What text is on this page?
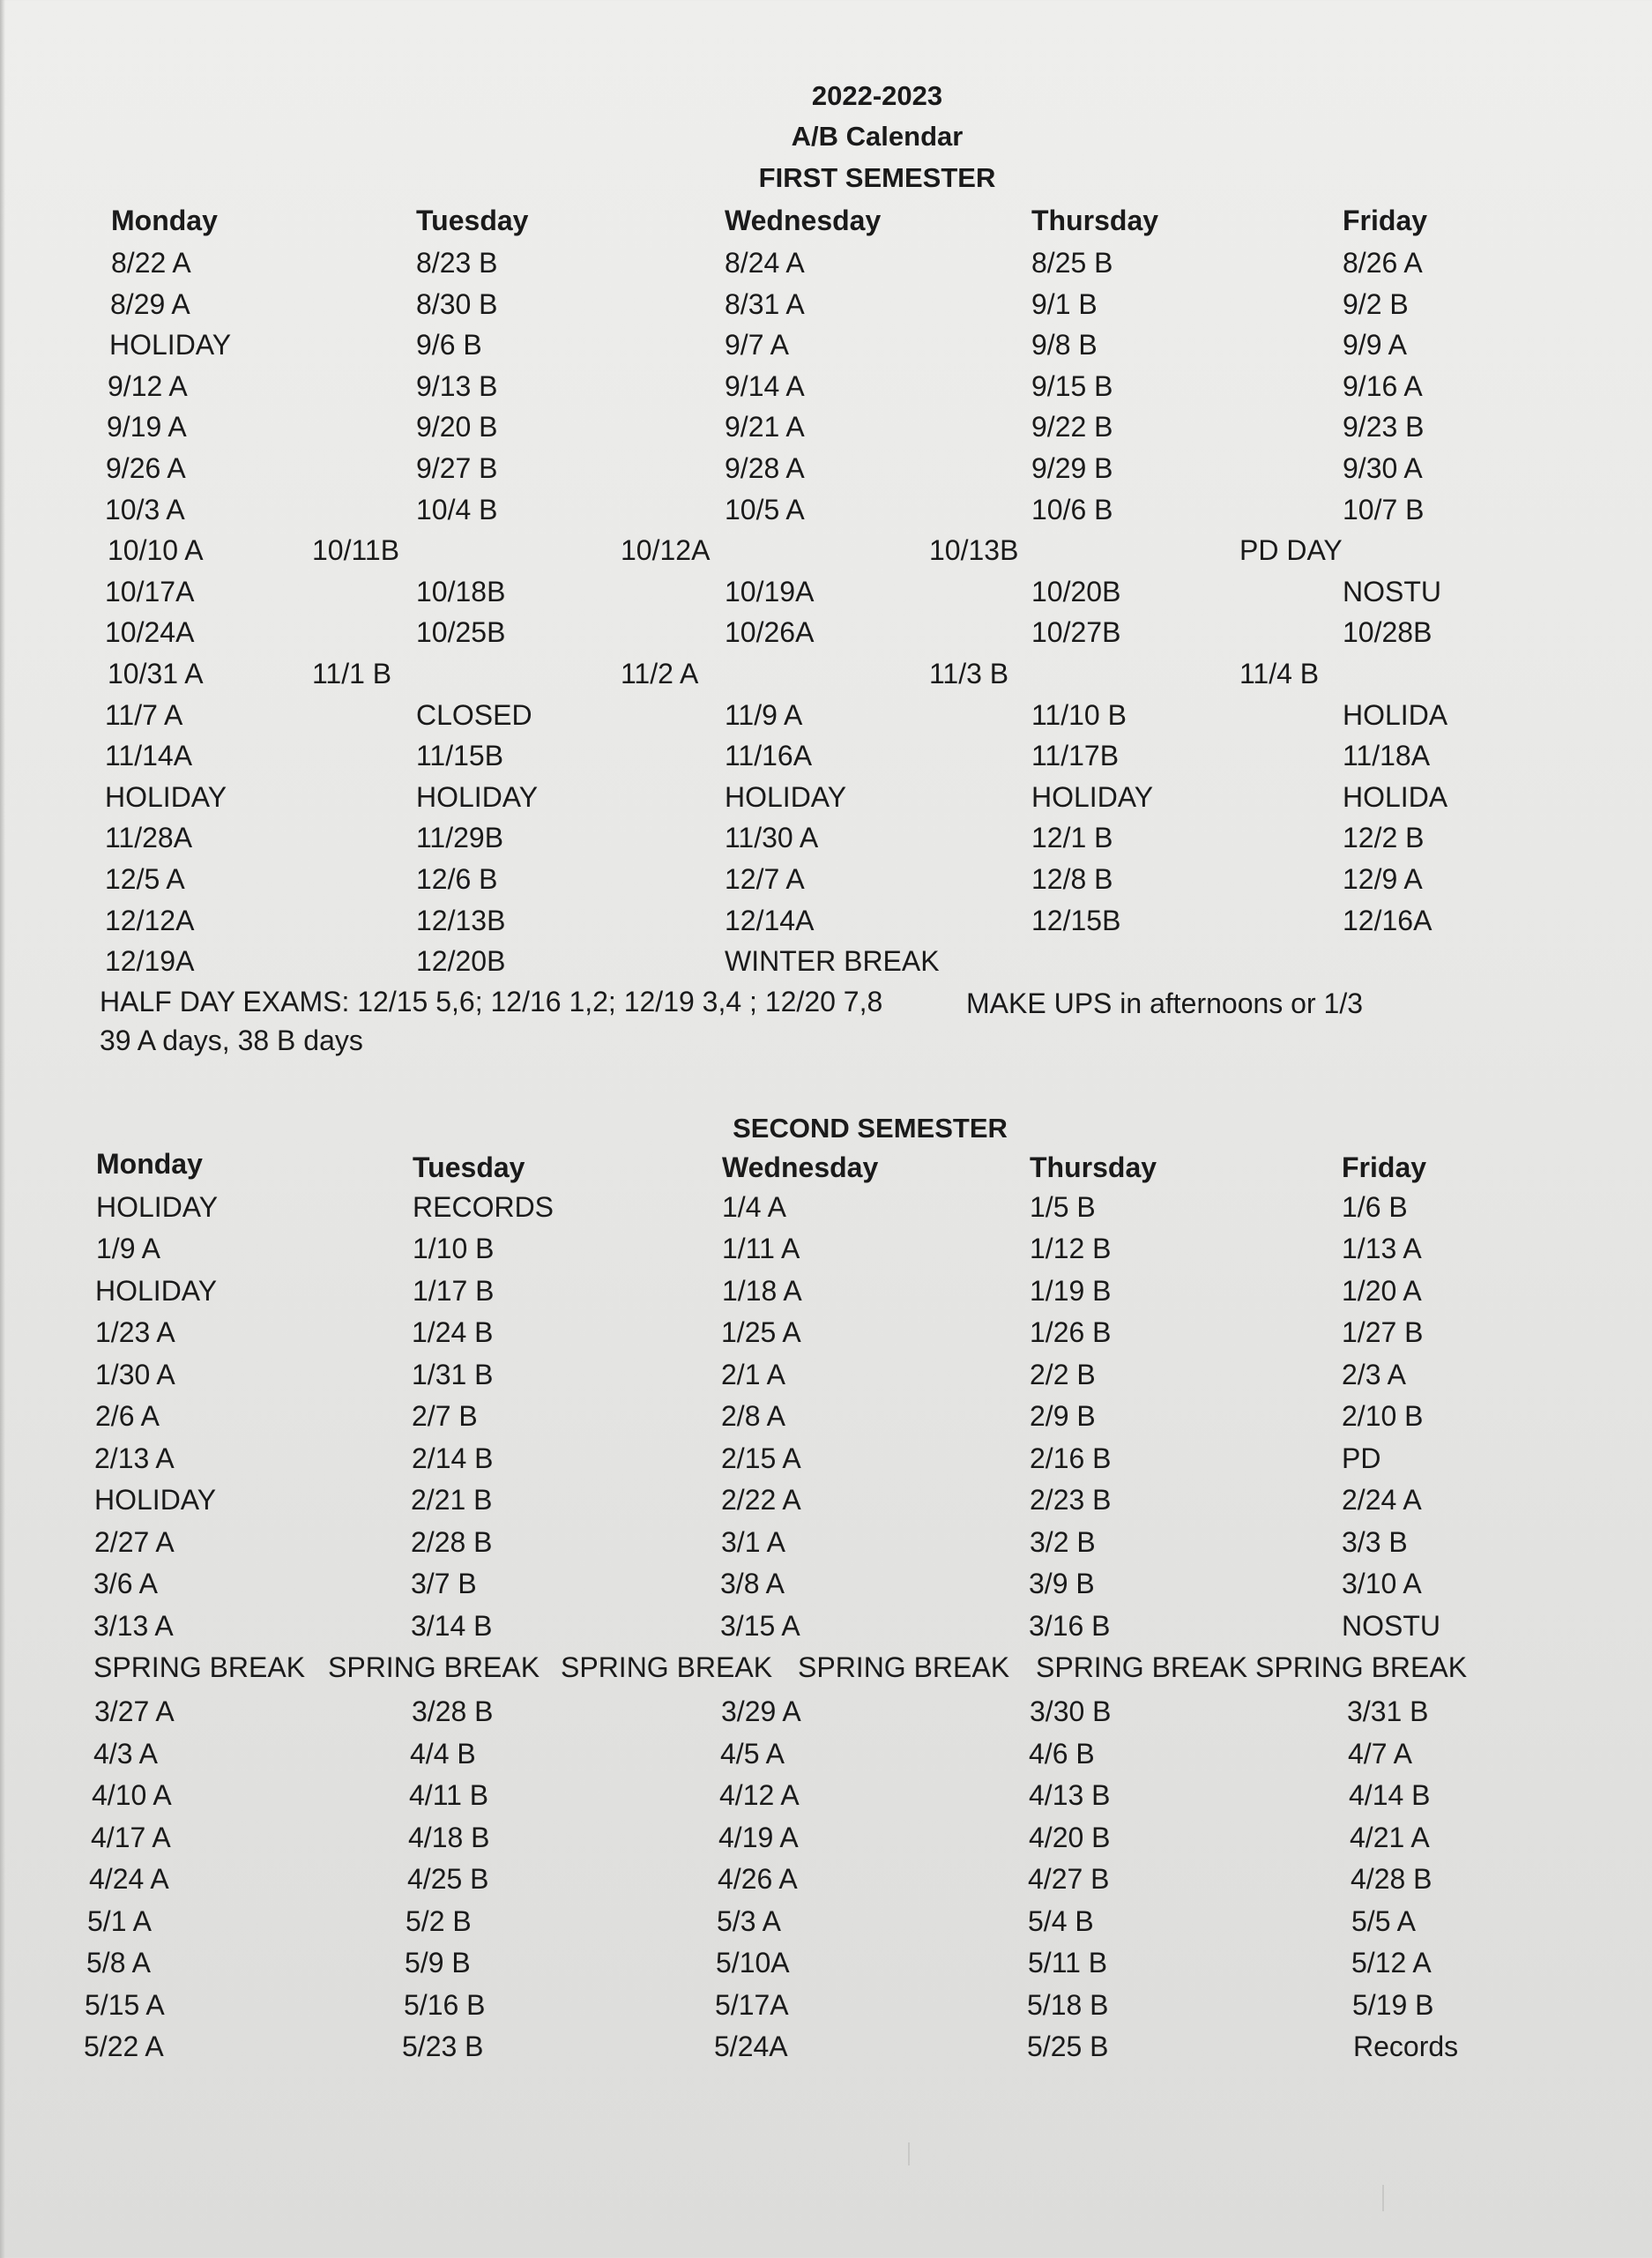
2022-2023
A/B Calendar
FIRST SEMESTER
Monday	Tuesday	Wednesday	Thursday	Friday
8/22 A	8/23 B	8/24 A	8/25 B	8/26 A
8/29 A	8/30 B	8/31 A	9/1 B	9/2 B
HOLIDAY	9/6 B	9/7 A	9/8 B	9/9 A
9/12 A	9/13 B	9/14 A	9/15 B	9/16 A
9/19 A	9/20 B	9/21 A	9/22 B	9/23 B
9/26 A	9/27 B	9/28 A	9/29 B	9/30 A
10/3 A	10/4 B	10/5 A	10/6 B	10/7 B
10/10 A	10/11B	10/12A	10/13B	PD DAY
10/17A	10/18B	10/19A	10/20B	NOSTU
10/24A	10/25B	10/26A	10/27B	10/28B
10/31 A	11/1 B	11/2 A	11/3 B	11/4 B
11/7 A	CLOSED	11/9 A	11/10 B	HOLIDA
11/14A	11/15B	11/16A	11/17B	11/18A
HOLIDAY	HOLIDAY	HOLIDAY	HOLIDAY	HOLIDA
11/28A	11/29B	11/30 A	12/1 B	12/2 B
12/5 A	12/6 B	12/7 A	12/8 B	12/9 A
12/12A	12/13B	12/14A	12/15B	12/16A
12/19A	12/20B	WINTER BREAK
HALF DAY EXAMS: 12/15 5,6; 12/16 1,2; 12/19 3,4 ; 12/20 7,8	MAKE UPS in afternoons or 1/3
39 A days, 38 B days
SECOND SEMESTER
Monday	Tuesday	Wednesday	Thursday	Friday
HOLIDAY	RECORDS	1/4 A	1/5 B	1/6 B
1/9 A	1/10 B	1/11 A	1/12 B	1/13 A
HOLIDAY	1/17 B	1/18 A	1/19 B	1/20 A
1/23 A	1/24 B	1/25 A	1/26 B	1/27 B
1/30 A	1/31 B	2/1 A	2/2 B	2/3 A
2/6 A	2/7 B	2/8 A	2/9 B	2/10 B
2/13 A	2/14 B	2/15 A	2/16 B	PD
HOLIDAY	2/21 B	2/22 A	2/23 B	2/24 A
2/27 A	2/28 B	3/1 A	3/2 B	3/3 B
3/6 A	3/7 B	3/8 A	3/9 B	3/10 A
3/13 A	3/14 B	3/15 A	3/16 B	NOSTU
SPRING BREAK SPRING BREAK SPRING BREAK SPRING BREAK SPRING BREAK SPRING BREAK
3/27 A	3/28 B	3/29 A	3/30 B	3/31 B
4/3 A	4/4 B	4/5 A	4/6 B	4/7 A
4/10 A	4/11 B	4/12 A	4/13 B	4/14 B
4/17 A	4/18 B	4/19 A	4/20 B	4/21 A
4/24 A	4/25 B	4/26 A	4/27 B	4/28 B
5/1 A	5/2 B	5/3 A	5/4 B	5/5 A
5/8 A	5/9 B	5/10A	5/11 B	5/12 A
5/15 A	5/16 B	5/17A	5/18 B	5/19 B
5/22 A	5/23 B	5/24A	5/25 B	Records
